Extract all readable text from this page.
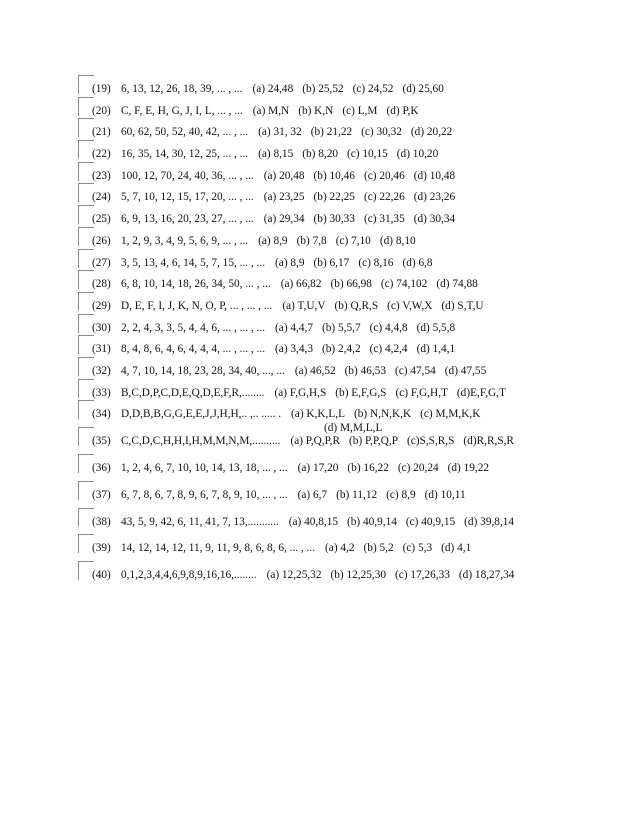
(19) 6, 13, 12, 26, 18, 39, ... , ... (a) 24,48 (b) 25,52 (c) 24,52 (d) 25,60
(20) C, F, E, H, G, J, I, L, ... , ... (a) M,N (b) K,N (c) L,M (d) P,K
(21) 60, 62, 50, 52, 40, 42, ... , ... (a) 31, 32 (b) 21,22 (c) 30,32 (d) 20,22
(22) 16, 35, 14, 30, 12, 25, ... , ... (a) 8,15 (b) 8,20 (c) 10,15 (d) 10,20
(23) 100, 12, 70, 24, 40, 36, ... , ... (a) 20,48 (b) 10,46 (c) 20,46 (d) 10,48
(24) 5, 7, 10, 12, 15, 17, 20, ... , ... (a) 23,25 (b) 22,25 (c) 22,26 (d) 23,26
(25) 6, 9, 13, 16, 20, 23, 27, ... , ... (a) 29,34 (b) 30,33 (c) 31,35 (d) 30,34
(26) 1, 2, 9, 3, 4, 9, 5, 6, 9, ... , ... (a) 8,9 (b) 7,8 (c) 7,10 (d) 8,10
(27) 3, 5, 13, 4, 6, 14, 5, 7, 15, ... , ... (a) 8,9 (b) 6,17 (c) 8,16 (d) 6,8
(28) 6, 8, 10, 14, 18, 26, 34, 50, ... , ... (a) 66,82 (b) 66,98 (c) 74,102 (d) 74,88
(29) D, E, F, I, J, K, N, O, P, ... , ... , ... (a) T,U,V (b) Q,R,S (c) V,W,X (d) S,T,U
(30) 2, 2, 4, 3, 3, 5, 4, 4, 6, ... , ... , ... (a) 4,4,7 (b) 5,5,7 (c) 4,4,8 (d) 5,5,8
(31) 8, 4, 8, 6, 4, 6, 4, 4, 4, ... , ... , ... (a) 3,4,3 (b) 2,4,2 (c) 4,2,4 (d) 1,4,1
(32) 4, 7, 10, 14, 18, 23, 28, 34, 40, ..., ... (a) 46,52 (b) 46,53 (c) 47,54 (d) 47,55
(33) B,C,D,P,C,D,E,Q,D,E,F,R,........ (a) F,G,H,S (b) E,F,G,S (c) F,G,H,T (d)E,F,G,T
(34) D,D,B,B,G,G,E,E,J,J,H,H,.. ,.. ..... . (a) K,K,L,L (b) N,N,K,K (c) M,M,K,K
(d) M,M,L,L
(35) C,C,D,C,H,H,I,H,M,M,N,M,.......... (a) P,Q,P,R (b) P,P,Q,P (c)S,S,R,S (d)R,R,S,R
(36) 1, 2, 4, 6, 7, 10, 10, 14, 13, 18, ... , ... (a) 17,20 (b) 16,22 (c) 20,24 (d) 19,22
(37) 6, 7, 8, 6, 7, 8, 9, 6, 7, 8, 9, 10, ... , ... (a) 6,7 (b) 11,12 (c) 8,9 (d) 10,11
(38) 43, 5, 9, 42, 6, 11, 41, 7, 13,........... (a) 40,8,15 (b) 40,9,14 (c) 40,9,15 (d) 39,8,14
(39) 14, 12, 14, 12, 11, 9, 11, 9, 8, 6, 8, 6, ... , ... (a) 4,2 (b) 5,2 (c) 5,3 (d) 4,1
(40) 0,1,2,3,4,4,6,9,8,9,16,16,........ (a) 12,25,32 (b) 12,25,30 (c) 17,26,33 (d) 18,27,34
